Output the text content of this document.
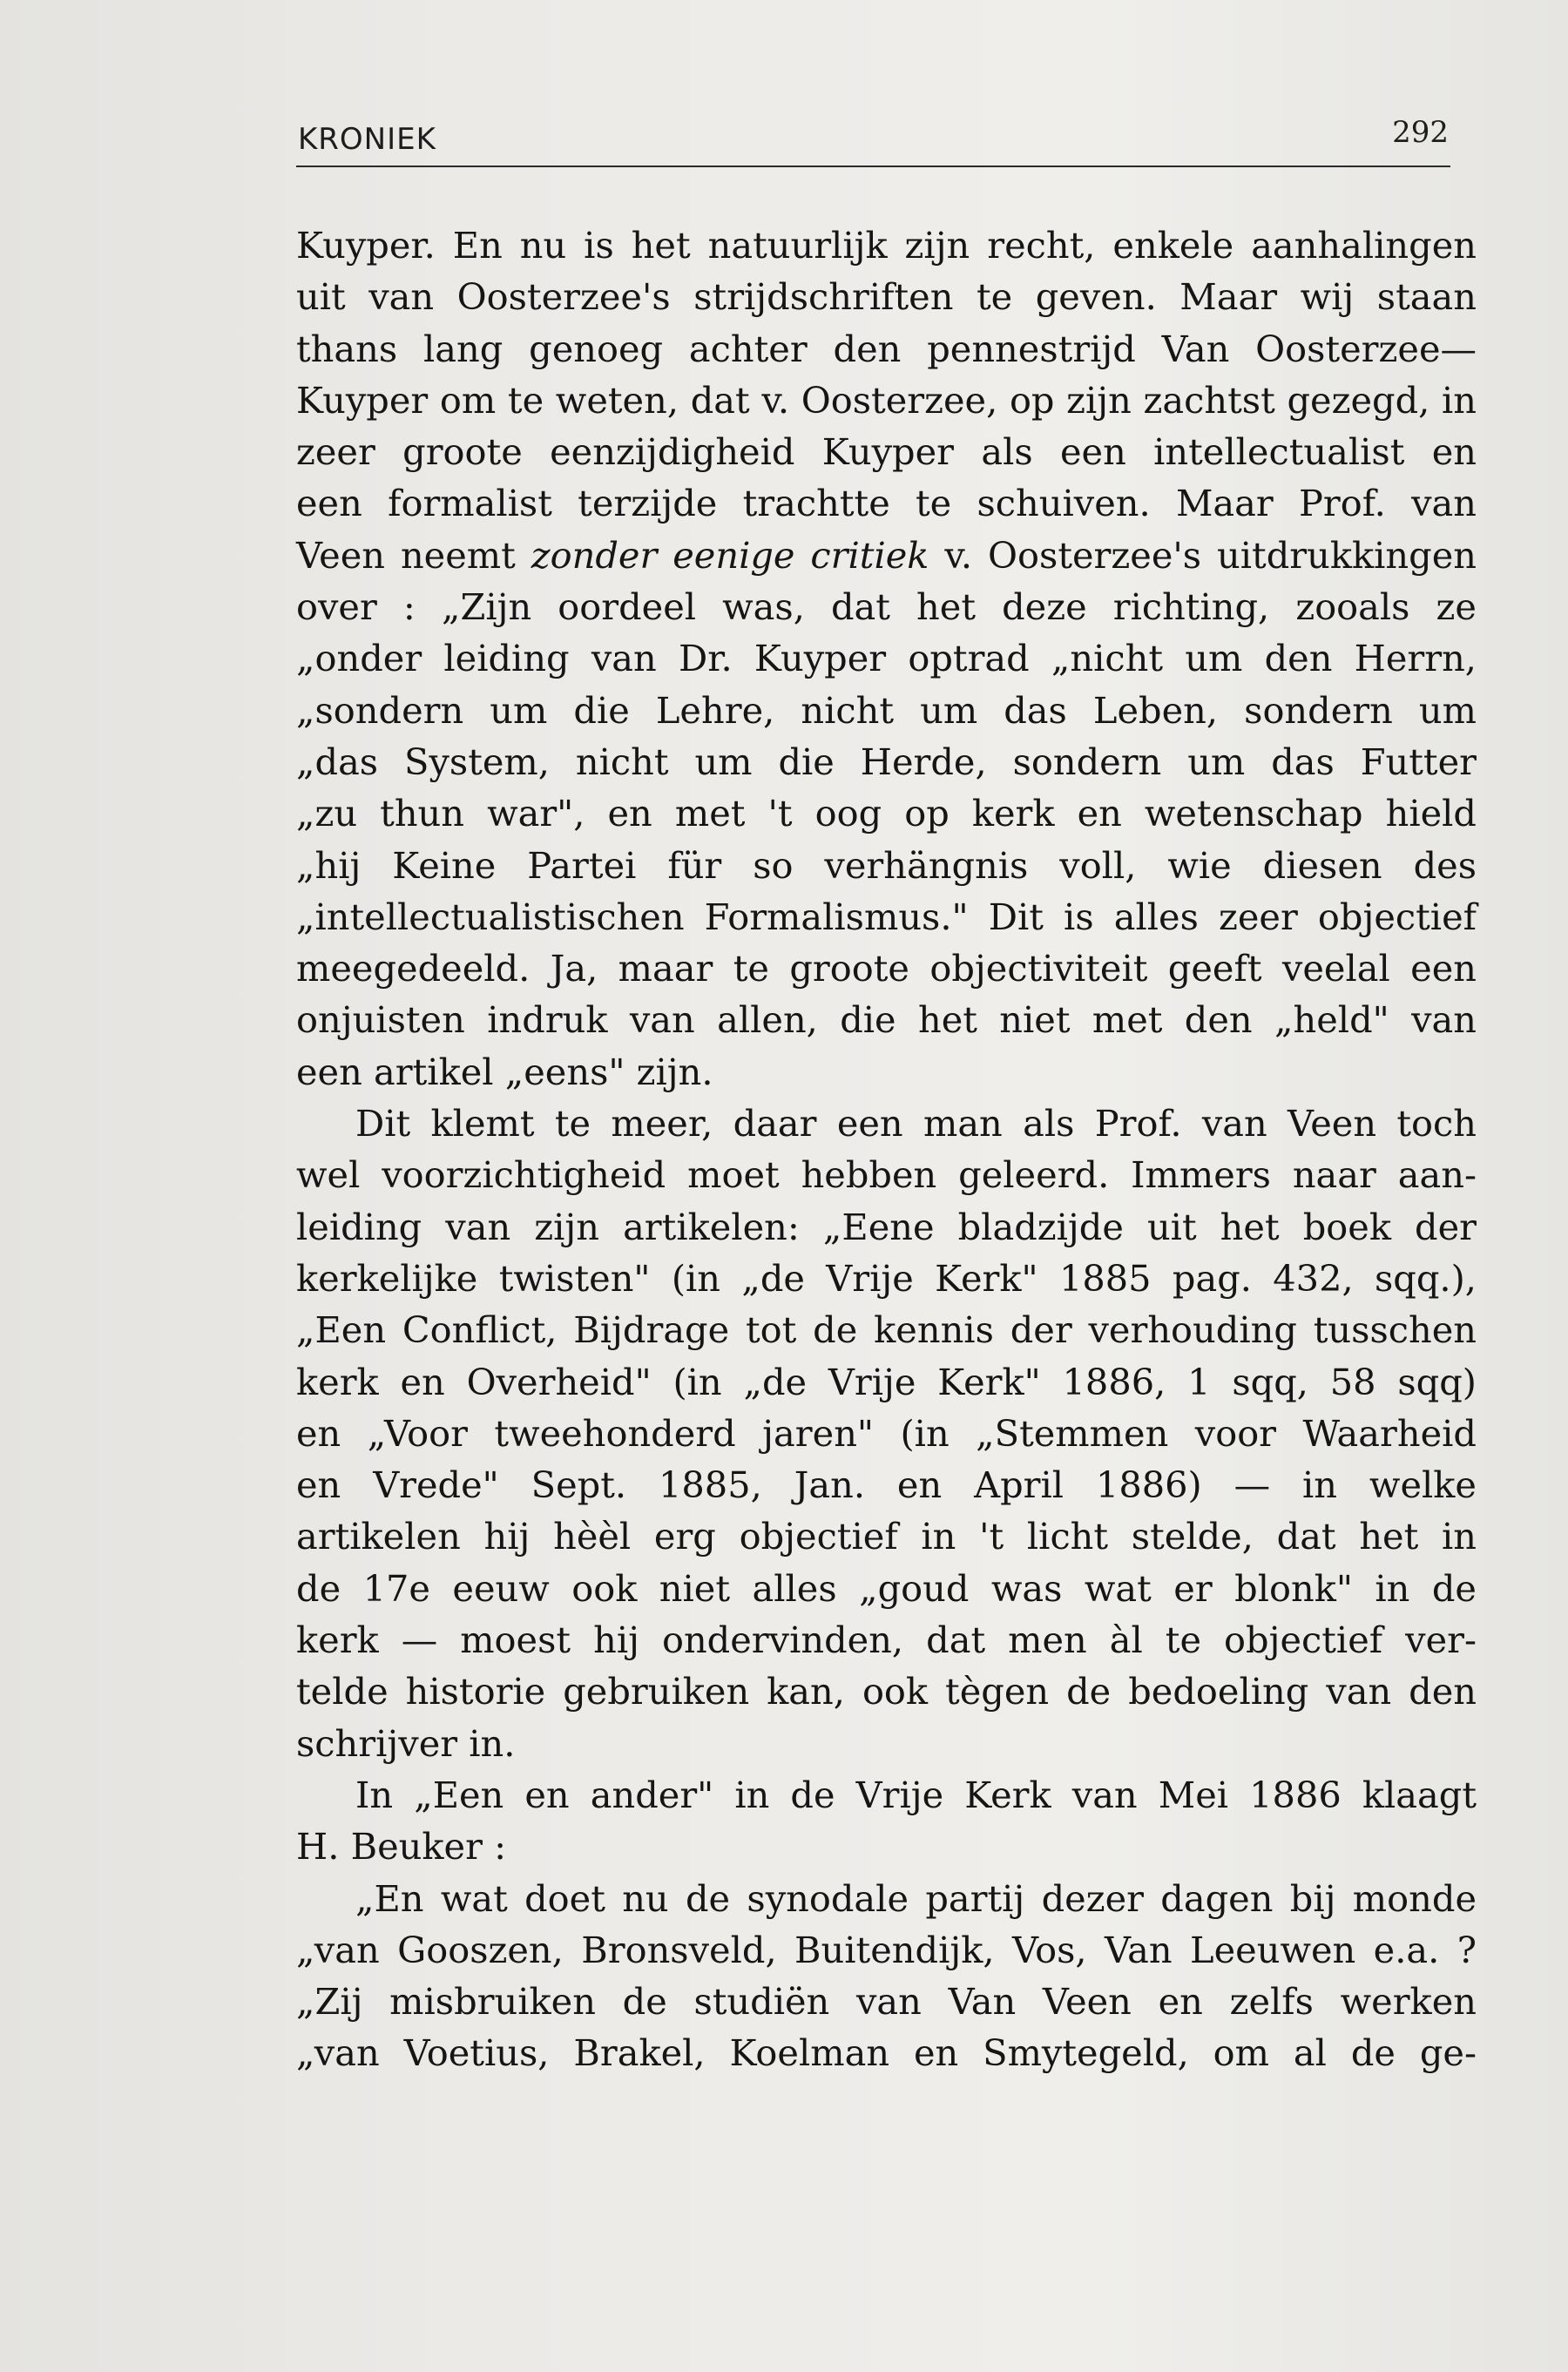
KRONIEK	292
Kuyper. En nu is het natuurlijk zijn recht, enkele aanhalingen
uit van Oosterzee's strijdschriften te geven. Maar wij staan
thans lang genoeg achter den pennestrijd Van Oosterzee—
Kuyper om te weten, dat v. Oosterzee, op zijn zachtst gezegd, in
zeer groote eenzijdigheid Kuyper als een intellectualist en
een formalist terzijde trachtte te schuiven. Maar Prof. van
Veen neemt zonder eenige critiek v. Oosterzee's uitdrukkingen
over : „Zijn oordeel was, dat het deze richting, zooals ze
„onder leiding van Dr. Kuyper optrad „nicht um den Herrn,
„sondern um die Lehre, nicht um das Leben, sondern um
„das System, nicht um die Herde, sondern um das Futter
„zu thun war", en met 't oog op kerk en wetenschap hield
„hij Keine Partei für so verhängnis voll, wie diesen des
„intellectualistischen Formalismus." Dit is alles zeer objectief
meegedeeld. Ja, maar te groote objectiviteit geeft veelal een
onjuisten indruk van allen, die het niet met den „held" van
een artikel „eens" zijn.
Dit klemt te meer, daar een man als Prof. van Veen toch
wel voorzichtigheid moet hebben geleerd. Immers naar aan-
leiding van zijn artikelen: „Eene bladzijde uit het boek der
kerkelijke twisten" (in „de Vrije Kerk" 1885 pag. 432, sqq.),
„Een Conflict, Bijdrage tot de kennis der verhouding tusschen
kerk en Overheid" (in „de Vrije Kerk" 1886, 1 sqq, 58 sqq)
en „Voor tweehonderd jaren" (in „Stemmen voor Waarheid
en Vrede" Sept. 1885, Jan. en April 1886) — in welke
artikelen hij hèèl erg objectief in 't licht stelde, dat het in
de 17e eeuw ook niet alles „goud was wat er blonk" in de
kerk — moest hij ondervinden, dat men àl te objectief ver-
telde historie gebruiken kan, ook tègen de bedoeling van den
schrijver in.
In „Een en ander" in de Vrije Kerk van Mei 1886 klaagt
H. Beuker :
„En wat doet nu de synodale partij dezer dagen bij monde
„van Gooszen, Bronsveld, Buitendijk, Vos, Van Leeuwen e.a. ?
„Zij misbruiken de studiën van Van Veen en zelfs werken
„van Voetius, Brakel, Koelman en Smytegeld, om al de ge-
